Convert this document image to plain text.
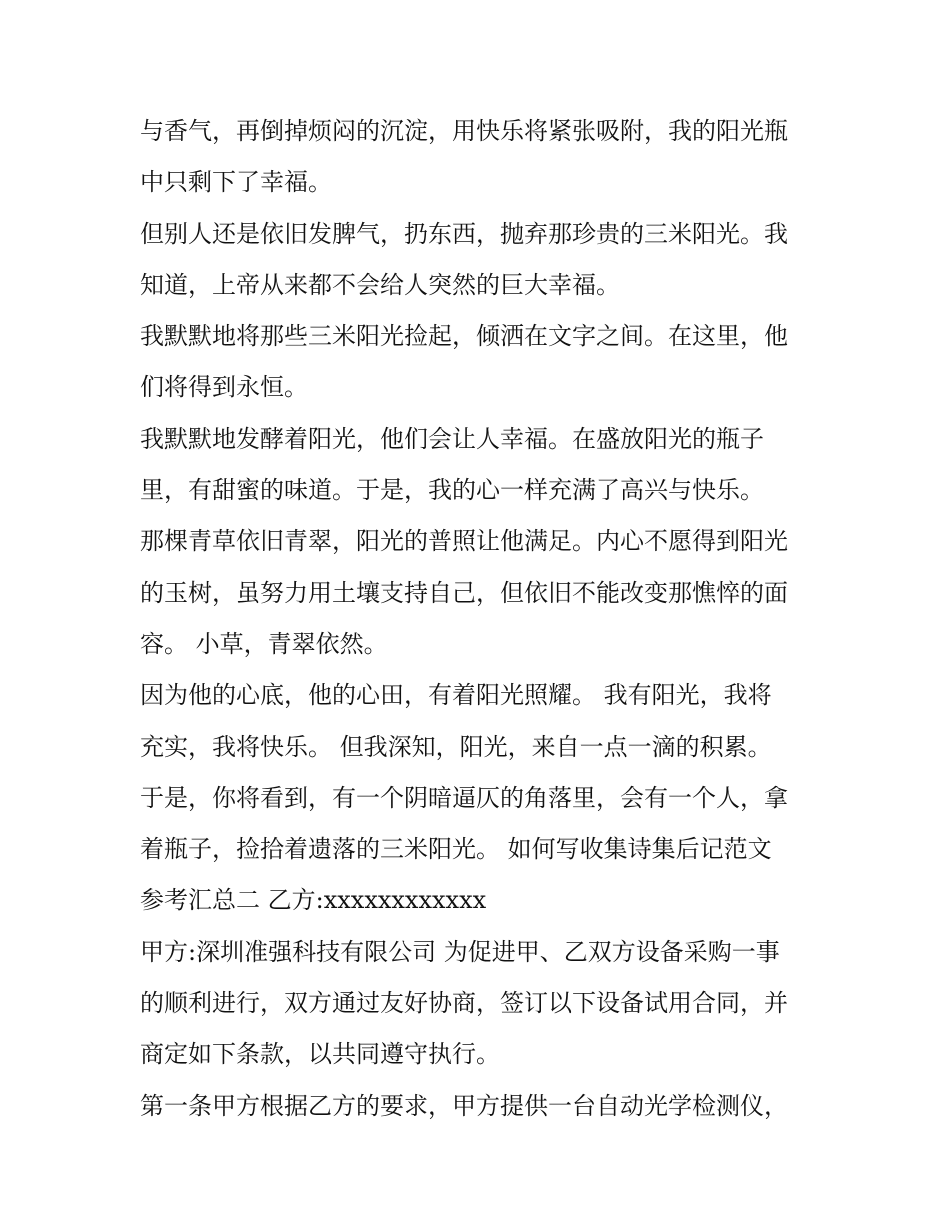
与香气，再倒掉烦闷的沉淀，用快乐将紧张吸附，我的阳光瓶
中只剩下了幸福。
但别人还是依旧发脾气，扔东西，抛弃那珍贵的三米阳光。我
知道，上帝从来都不会给人突然的巨大幸福。
我默默地将那些三米阳光捡起，倾洒在文字之间。在这里，他
们将得到永恒。
我默默地发酵着阳光，他们会让人幸福。在盛放阳光的瓶子
里，有甜蜜的味道。于是，我的心一样充满了高兴与快乐。
那棵青草依旧青翠，阳光的普照让他满足。内心不愿得到阳光
的玉树，虽努力用土壤支持自己，但依旧不能改变那憔悴的面
容。 小草，青翠依然。
因为他的心底，他的心田，有着阳光照耀。 我有阳光，我将
充实，我将快乐。 但我深知，阳光，来自一点一滴的积累。
于是，你将看到，有一个阴暗逼仄的角落里，会有一个人，拿
着瓶子，捡拾着遗落的三米阳光。 如何写收集诗集后记范文
参考汇总二 乙方:xxxxxxxxxxxx
甲方:深圳准强科技有限公司 为促进甲、乙双方设备采购一事
的顺利进行，双方通过友好协商，签订以下设备试用合同，并
商定如下条款，以共同遵守执行。
第一条甲方根据乙方的要求，甲方提供一台自动光学检测仪，
